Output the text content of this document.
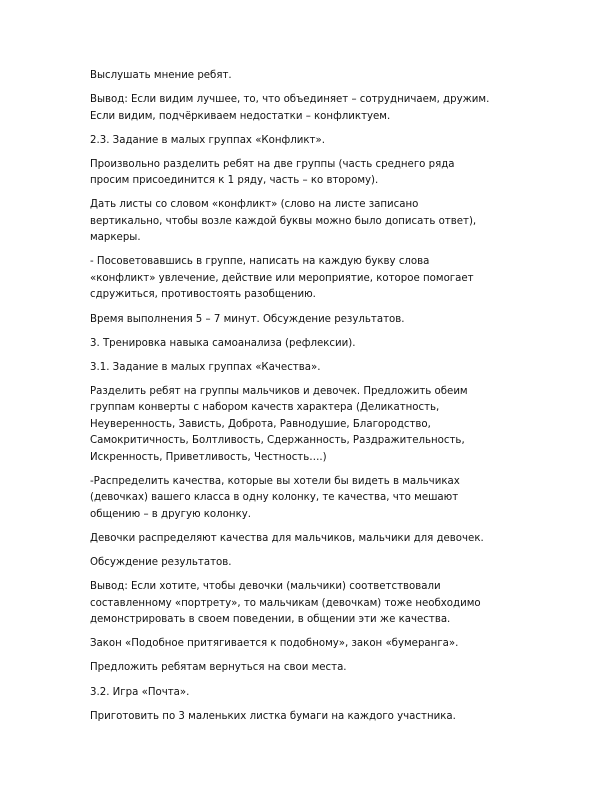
Выслушать мнение ребят.

Вывод: Если видим лучшее, то, что объединяет – сотрудничаем, дружим.
Если видим, подчёркиваем недостатки – конфликтуем.

2.3. Задание в малых группах «Конфликт».

Произвольно разделить ребят на две группы (часть среднего ряда
просим присоединится к 1 ряду, часть – ко второму).

Дать листы со словом «конфликт» (слово на листе записано
вертикально, чтобы возле каждой буквы можно было дописать ответ),
маркеры.

- Посоветовавшись в группе, написать на каждую букву слова
«конфликт» увлечение, действие или мероприятие, которое помогает
сдружиться, противостоять разобщению.

Время выполнения 5 – 7 минут. Обсуждение результатов.

3. Тренировка навыка самоанализа (рефлексии).

3.1. Задание в малых группах «Качества».

Разделить ребят на группы мальчиков и девочек. Предложить обеим
группам конверты с набором качеств характера (Деликатность,
Неуверенность, Зависть, Доброта, Равнодушие, Благородство,
Самокритичность, Болтливость, Сдержанность, Раздражительность,
Искренность, Приветливость, Честность….)

-Распределить качества, которые вы хотели бы видеть в мальчиках
(девочках) вашего класса в одну колонку, те качества, что мешают
общению – в другую колонку.

Девочки распределяют качества для мальчиков, мальчики для девочек.

Обсуждение результатов.

Вывод: Если хотите, чтобы девочки (мальчики) соответствовали
составленному «портрету», то мальчикам (девочкам) тоже необходимо
демонстрировать в своем поведении, в общении эти же качества.

Закон «Подобное притягивается к подобному», закон «бумеранга».

Предложить ребятам вернуться на свои места.

3.2. Игра «Почта».

Приготовить по 3 маленьких листка бумаги на каждого участника.
